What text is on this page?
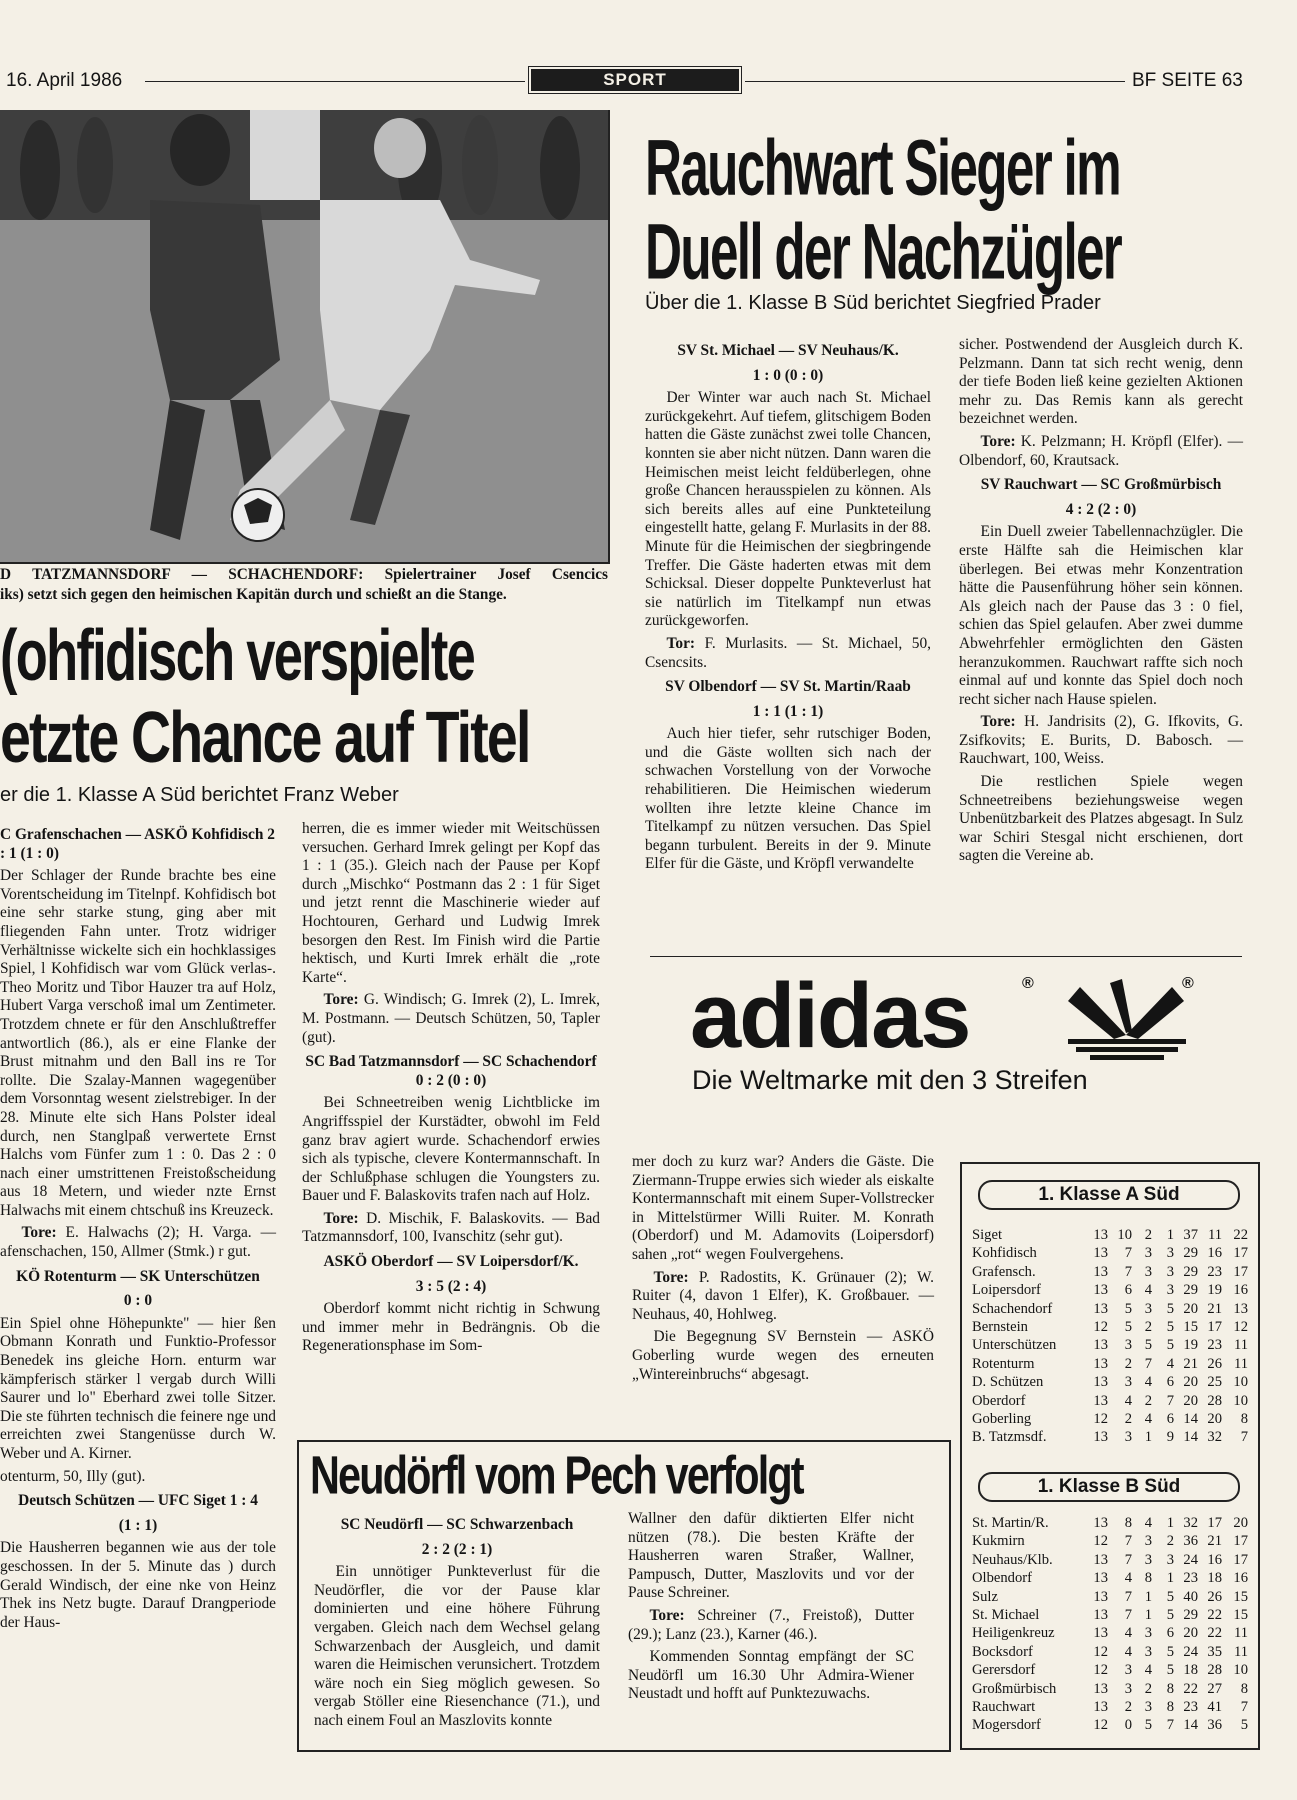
16. April 1986	SPORT	BF SEITE 63
D TATZMANNSDORF — SCHACHENDORF: Spielertrainer Josef Csencics
iks) setzt sich gegen den heimischen Kapitän durch und schießt an die Stange.
(ohfidisch verspielte
etzte Chance auf Titel
er die 1. Klasse A Süd berichtet Franz Weber
Rauchwart Sieger im
Duell der Nachzügler
Über die 1. Klasse B Süd berichtet Siegfried Prader

SV St. Michael — SV Neuhaus/K.

1 : 0 (0 : 0)

Der Winter war auch nach St. Michael zurückgekehrt. Auf tiefem, glitschigem Boden hatten die Gäste zunächst zwei tolle Chancen, konnten sie aber nicht nützen. Dann waren die Heimischen meist leicht feldüberlegen, ohne große Chancen herausspielen zu können. Als sich bereits alles auf eine Punkteteilung eingestellt hatte, gelang F. Murlasits in der 88. Minute für die Heimischen der siegbringende Treffer. Die Gäste haderten etwas mit dem Schicksal. Dieser doppelte Punkteverlust hat sie natürlich im Titelkampf nun etwas zurückgeworfen.

Tor: F. Murlasits. — St. Michael, 50, Csencsits.

SV Olbendorf — SV St. Martin/Raab

1 : 1 (1 : 1)

Auch hier tiefer, sehr rutschiger Boden, und die Gäste wollten sich nach der schwachen Vorstellung von der Vorwoche rehabilitieren. Die Heimischen wiederum wollten ihre letzte kleine Chance im Titelkampf zu nützen versuchen. Das Spiel begann turbulent. Bereits in der 9. Minute Elfer für die Gäste, und Kröpfl verwandelte

sicher. Postwendend der Ausgleich durch K. Pelzmann. Dann tat sich recht wenig, denn der tiefe Boden ließ keine gezielten Aktionen mehr zu. Das Remis kann als gerecht bezeichnet werden.

Tore: K. Pelzmann; H. Kröpfl (Elfer). — Olbendorf, 60, Krautsack.

SV Rauchwart — SC Großmürbisch

4 : 2 (2 : 0)

Ein Duell zweier Tabellennachzügler. Die erste Hälfte sah die Heimischen klar überlegen. Bei etwas mehr Konzentration hätte die Pausenführung höher sein können. Als gleich nach der Pause das 3 : 0 fiel, schien das Spiel gelaufen. Aber zwei dumme Abwehrfehler ermöglichten den Gästen heranzukommen. Rauchwart raffte sich noch einmal auf und konnte das Spiel doch noch recht sicher nach Hause spielen.

Tore: H. Jandrisits (2), G. Ifkovits, G. Zsifkovits; E. Burits, D. Babosch. — Rauchwart, 100, Weiss.

Die restlichen Spiele wegen Schneetreibens beziehungsweise wegen Unbenützbarkeit des Platzes abgesagt. In Sulz war Schiri Stesgal nicht erschienen, dort sagten die Vereine ab.

adidas	®	®
Die Weltmarke mit den 3 Streifen

C Grafenschachen — ASKÖ Kohfidisch 2 : 1 (1 : 0)

Der Schlager der Runde brachte bes eine Vorentscheidung im Titelnpf. Kohfidisch bot eine sehr starke stung, ging aber mit fliegenden Fahn unter. Trotz widriger Verhältnisse wickelte sich ein hochklassiges Spiel, l Kohfidisch war vom Glück verlas-. Theo Moritz und Tibor Hauzer tra auf Holz, Hubert Varga verschoß imal um Zentimeter. Trotzdem chnete er für den Anschlußtreffer antwortlich (86.), als er eine Flanke der Brust mitnahm und den Ball ins re Tor rollte. Die Szalay-Mannen wagegenüber dem Vorsonntag wesent zielstrebiger. In der 28. Minute elte sich Hans Polster ideal durch, nen Stanglpaß verwertete Ernst Halchs vom Fünfer zum 1 : 0. Das 2 : 0 nach einer umstrittenen Freistoßscheidung aus 18 Metern, und wieder nzte Ernst Halwachs mit einem chtschuß ins Kreuzeck.

Tore: E. Halwachs (2); H. Varga. — afenschachen, 150, Allmer (Stmk.) r gut.

KÖ Rotenturm — SK Unterschützen

0 : 0

Ein Spiel ohne Höhepunkte" — hier ßen Obmann Konrath und Funktio-Professor Benedek ins gleiche Horn. enturm war kämpferisch stärker l vergab durch Willi Saurer und lo" Eberhard zwei tolle Sitzer. Die ste führten technisch die feinere nge und erreichten zwei Stangenüsse durch W. Weber und A. Kirner.

otenturm, 50, Illy (gut).

Deutsch Schützen — UFC Siget 1 : 4

(1 : 1)

Die Hausherren begannen wie aus der tole geschossen. In der 5. Minute das ) durch Gerald Windisch, der eine nke von Heinz Thek ins Netz bugte. Darauf Drangperiode der Haus-

herren, die es immer wieder mit Weitschüssen versuchen. Gerhard Imrek gelingt per Kopf das 1 : 1 (35.). Gleich nach der Pause per Kopf durch „Mischko“ Postmann das 2 : 1 für Siget und jetzt rennt die Maschinerie wieder auf Hochtouren, Gerhard und Ludwig Imrek besorgen den Rest. Im Finish wird die Partie hektisch, und Kurti Imrek erhält die „rote Karte“.

Tore: G. Windisch; G. Imrek (2), L. Imrek, M. Postmann. — Deutsch Schützen, 50, Tapler (gut).

SC Bad Tatzmannsdorf — SC Schachendorf 0 : 2 (0 : 0)

Bei Schneetreiben wenig Lichtblicke im Angriffsspiel der Kurstädter, obwohl im Feld ganz brav agiert wurde. Schachendorf erwies sich als typische, clevere Kontermannschaft. In der Schlußphase schlugen die Youngsters zu. Bauer und F. Balaskovits trafen nach auf Holz.

Tore: D. Mischik, F. Balaskovits. — Bad Tatzmannsdorf, 100, Ivanschitz (sehr gut).

ASKÖ Oberdorf — SV Loipersdorf/K.

3 : 5 (2 : 4)

Oberdorf kommt nicht richtig in Schwung und immer mehr in Bedrängnis. Ob die Regenerationsphase im Som-

mer doch zu kurz war? Anders die Gäste. Die Ziermann-Truppe erwies sich wieder als eiskalte Kontermannschaft mit einem Super-Vollstrecker in Mittelstürmer Willi Ruiter. M. Konrath (Oberdorf) und M. Adamovits (Loipersdorf) sahen „rot“ wegen Foulvergehens.

Tore: P. Radostits, K. Grünauer (2); W. Ruiter (4, davon 1 Elfer), K. Großbauer. — Neuhaus, 40, Hohlweg.

Die Begegnung SV Bernstein — ASKÖ Goberling wurde wegen des erneuten „Wintereinbruchs“ abgesagt.

Neudörfl vom Pech verfolgt

SC Neudörfl — SC Schwarzenbach

2 : 2 (2 : 1)

Ein unnötiger Punkteverlust für die Neudörfler, die vor der Pause klar dominierten und eine höhere Führung vergaben. Gleich nach dem Wechsel gelang Schwarzenbach der Ausgleich, und damit waren die Heimischen verunsichert. Trotzdem wäre noch ein Sieg möglich gewesen. So vergab Stöller eine Riesenchance (71.), und nach einem Foul an Maszlovits konnte

Wallner den dafür diktierten Elfer nicht nützen (78.). Die besten Kräfte der Hausherren waren Straßer, Wallner, Pampusch, Dutter, Maszlovits und vor der Pause Schreiner.

Tore: Schreiner (7., Freistoß), Dutter (29.); Lanz (23.), Karner (46.).

Kommenden Sonntag empfängt der SC Neudörfl um 16.30 Uhr Admira-Wiener Neustadt und hofft auf Punktezuwachs.

1. Klasse A Süd
Siget	13	10	2	1	37	11	22
Kohfidisch	13	7	3	3	29	16	17
Grafensch.	13	7	3	3	29	23	17
Loipersdorf	13	6	4	3	29	19	16
Schachendorf	13	5	3	5	20	21	13
Bernstein	12	5	2	5	15	17	12
Unterschützen	13	3	5	5	19	23	11
Rotenturm	13	2	7	4	21	26	11
D. Schützen	13	3	4	6	20	25	10
Oberdorf	13	4	2	7	20	28	10
Goberling	12	2	4	6	14	20	8
B. Tatzmsdf.	13	3	1	9	14	32	7
1. Klasse B Süd
St. Martin/R.	13	8	4	1	32	17	20
Kukmirn	12	7	3	2	36	21	17
Neuhaus/Klb.	13	7	3	3	24	16	17
Olbendorf	13	4	8	1	23	18	16
Sulz	13	7	1	5	40	26	15
St. Michael	13	7	1	5	29	22	15
Heiligenkreuz	13	4	3	6	20	22	11
Bocksdorf	12	4	3	5	24	35	11
Gerersdorf	12	3	4	5	18	28	10
Großmürbisch	13	3	2	8	22	27	8
Rauchwart	13	2	3	8	23	41	7
Mogersdorf	12	0	5	7	14	36	5
